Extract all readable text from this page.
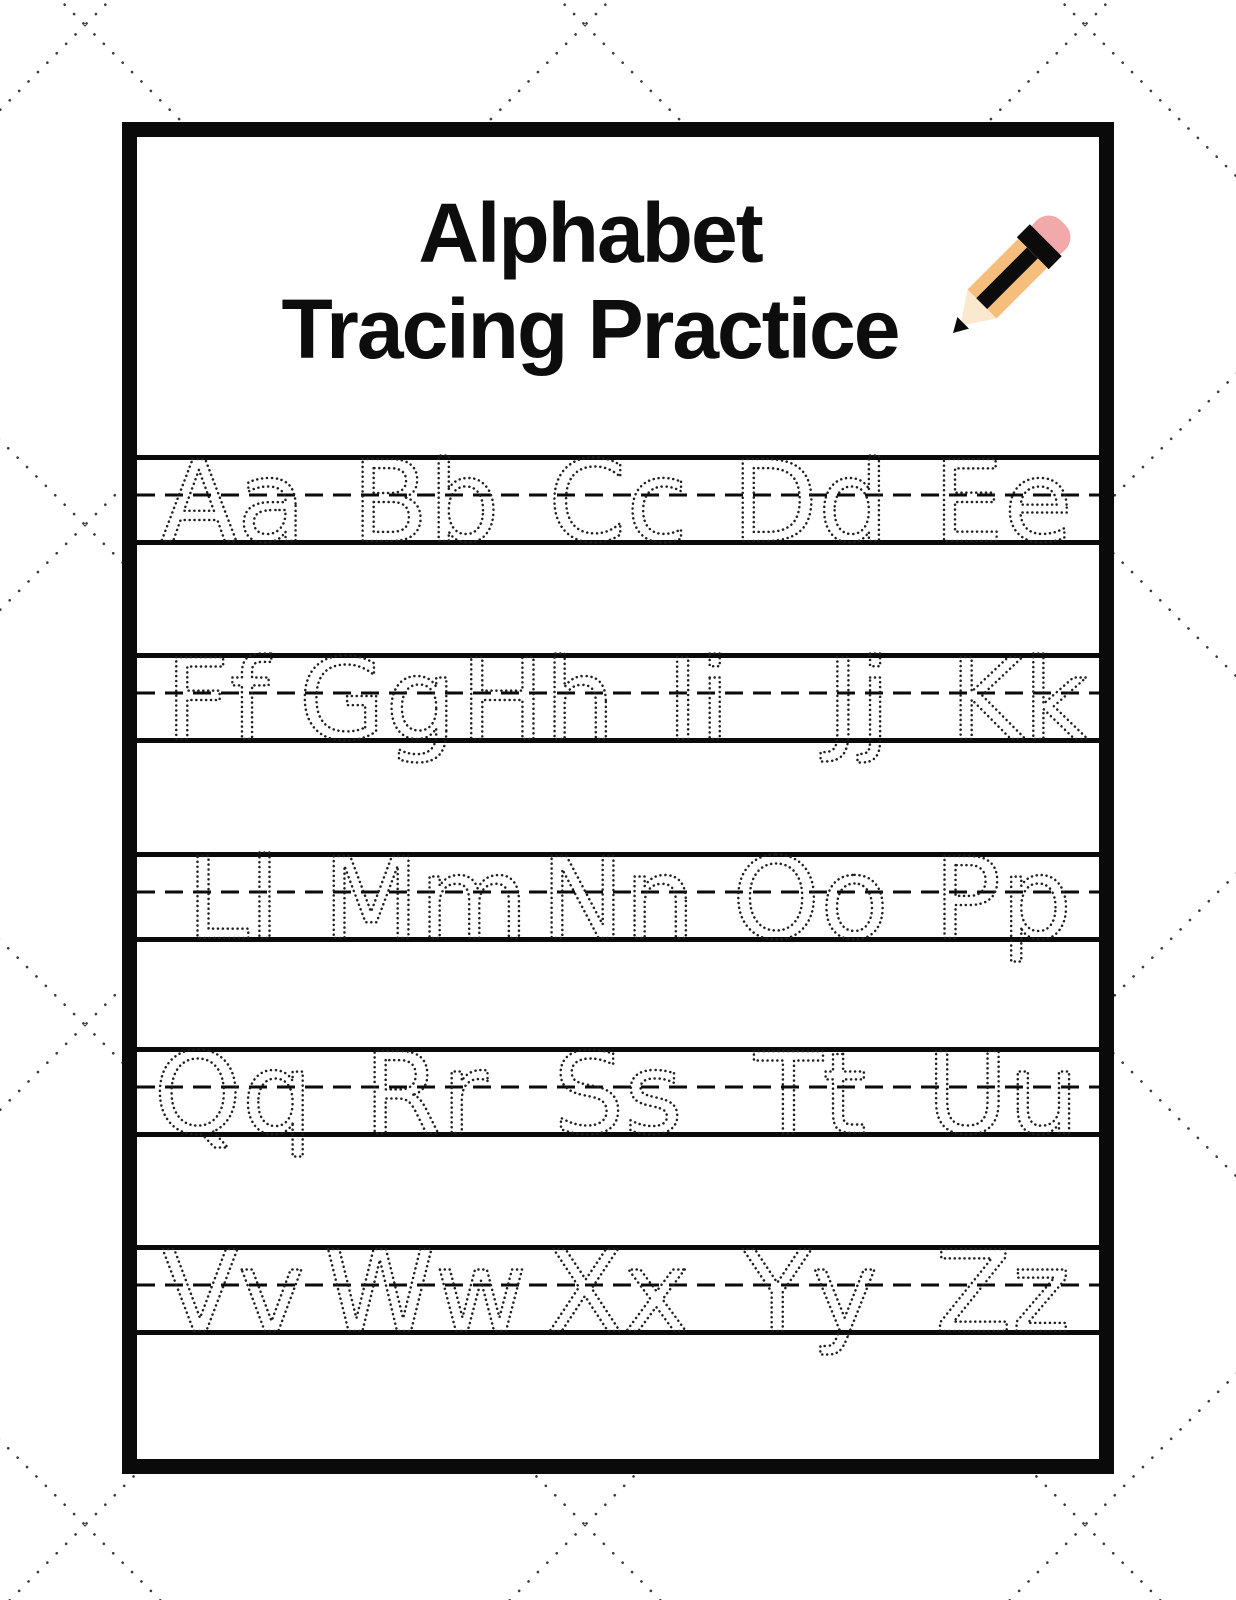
Alphabet
Tracing Practice
Aa Bb Cc Dd Ee
Ff Gg Hh Ii Jj Kk
Ll Mm Nn Oo Pp
Qq Rr Ss Tt Uu
Vv Ww Xx Yy Zz
